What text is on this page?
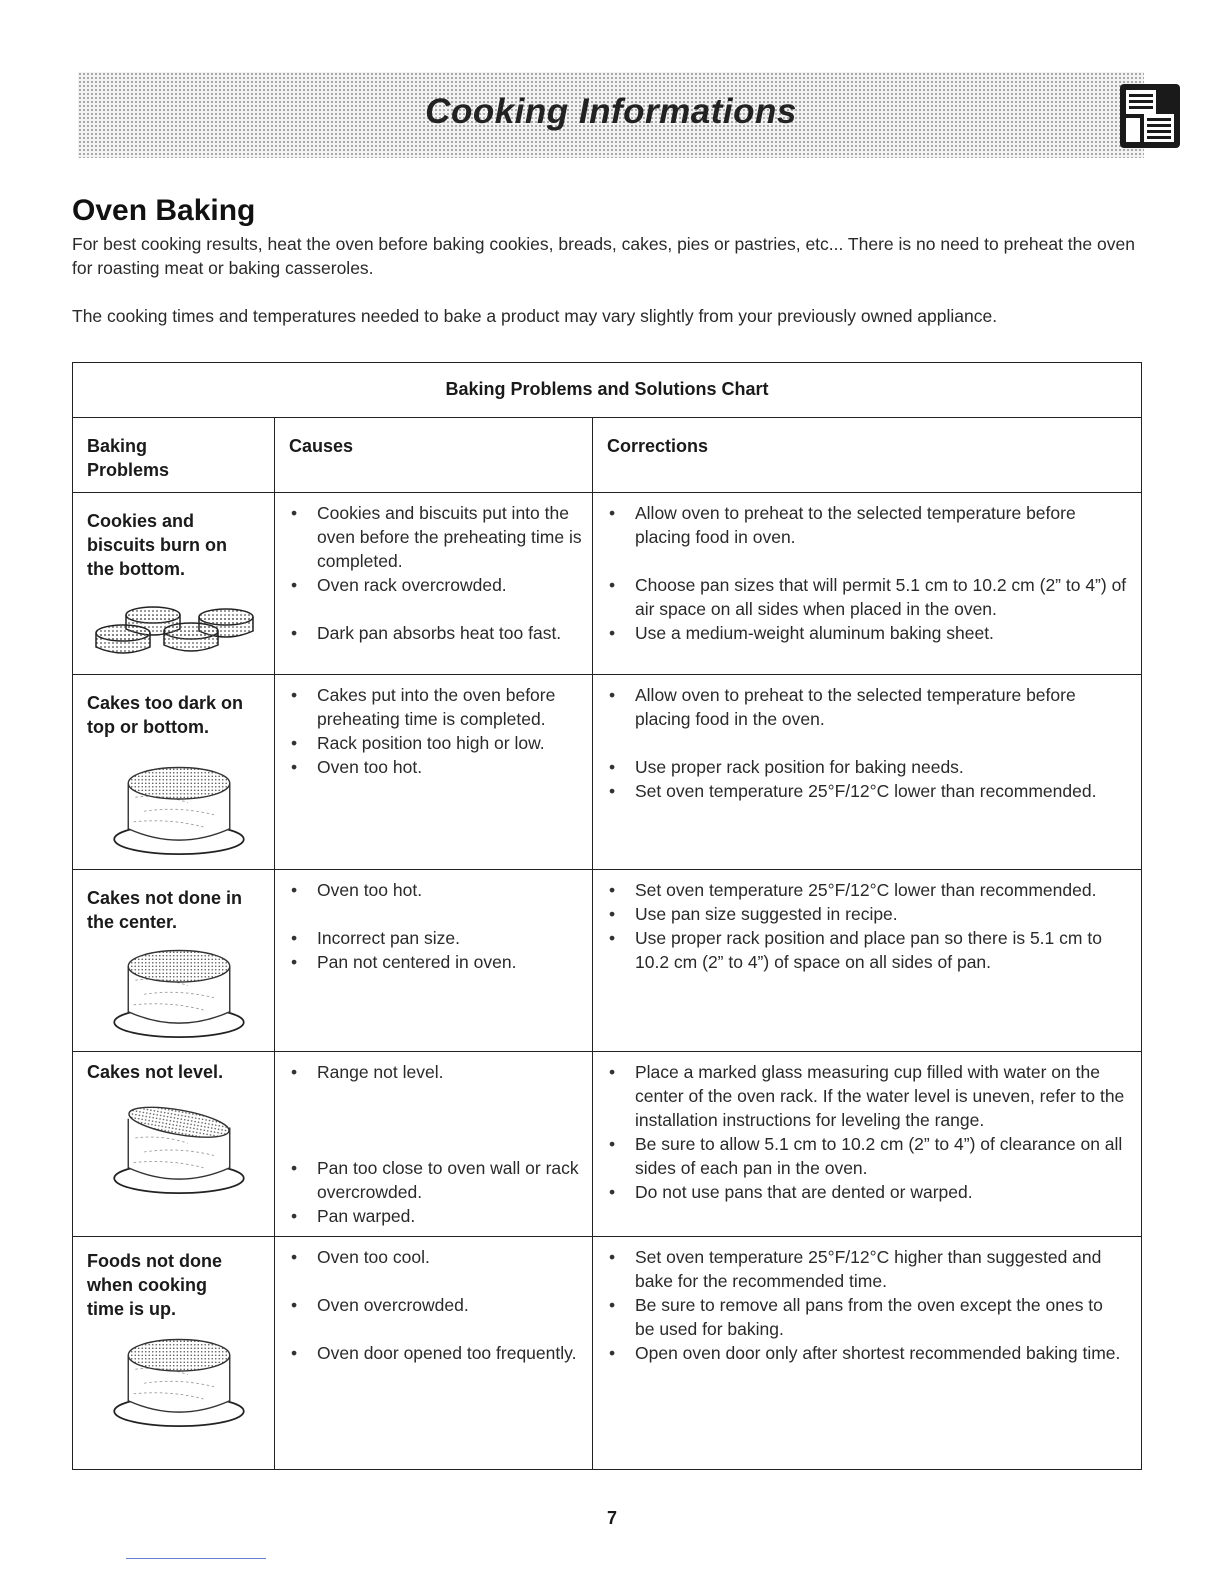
Cooking Informations
Oven Baking

For best cooking results, heat the oven before baking cookies, breads, cakes, pies or pastries, etc... There is no need to preheat the oven for roasting meat or baking casseroles.

The cooking times and temperatures needed to bake a product may vary slightly from your previously owned appliance.

Baking Problems and Solutions Chart
Baking Problems
Causes	Corrections
Cookies and biscuits burn on the bottom.
• Cookies and biscuits put into the oven before the preheating time is completed.
• Oven rack overcrowded.
• Dark pan absorbs heat too fast.
• Allow oven to preheat to the selected temperature before placing food in oven.
• Choose pan sizes that will permit 5.1 cm to 10.2 cm (2” to 4”) of air space on all sides when placed in the oven.
• Use a medium-weight aluminum baking sheet.
Cakes too dark on top or bottom.
• Cakes put into the oven before preheating time is completed.
• Rack position too high or low.
• Oven too hot.
• Allow oven to preheat to the selected temperature before placing food in the oven.
• Use proper rack position for baking needs.
• Set oven temperature 25°F/12°C lower than recommended.
Cakes not done in the center.
• Oven too hot.
• Incorrect pan size.
• Pan not centered in oven.
• Set oven temperature 25°F/12°C lower than recommended.
• Use pan size suggested in recipe.
• Use proper rack position and place pan so there is 5.1 cm to 10.2 cm (2” to 4”) of space on all sides of pan.
Cakes not level.
•	Range not level.
• Pan too close to oven wall or rack overcrowded.
• Pan warped.
• Place a marked glass measuring cup filled with water on the center of the oven rack. If the water level is uneven, refer to the installation instructions for leveling the range.
• Be sure to allow 5.1 cm to 10.2 cm (2” to 4”) of clearance on all sides of each pan in the oven.
• Do not use pans that are dented or warped.
Foods not done when cooking time is up.
• Oven too cool.
• Oven overcrowded.
• Oven door opened too frequently.
• Set oven temperature 25°F/12°C higher than suggested and bake for the recommended time.
• Be sure to remove all pans from the oven except the ones to be used for baking.
• Open oven door only after shortest recommended baking time.
7
